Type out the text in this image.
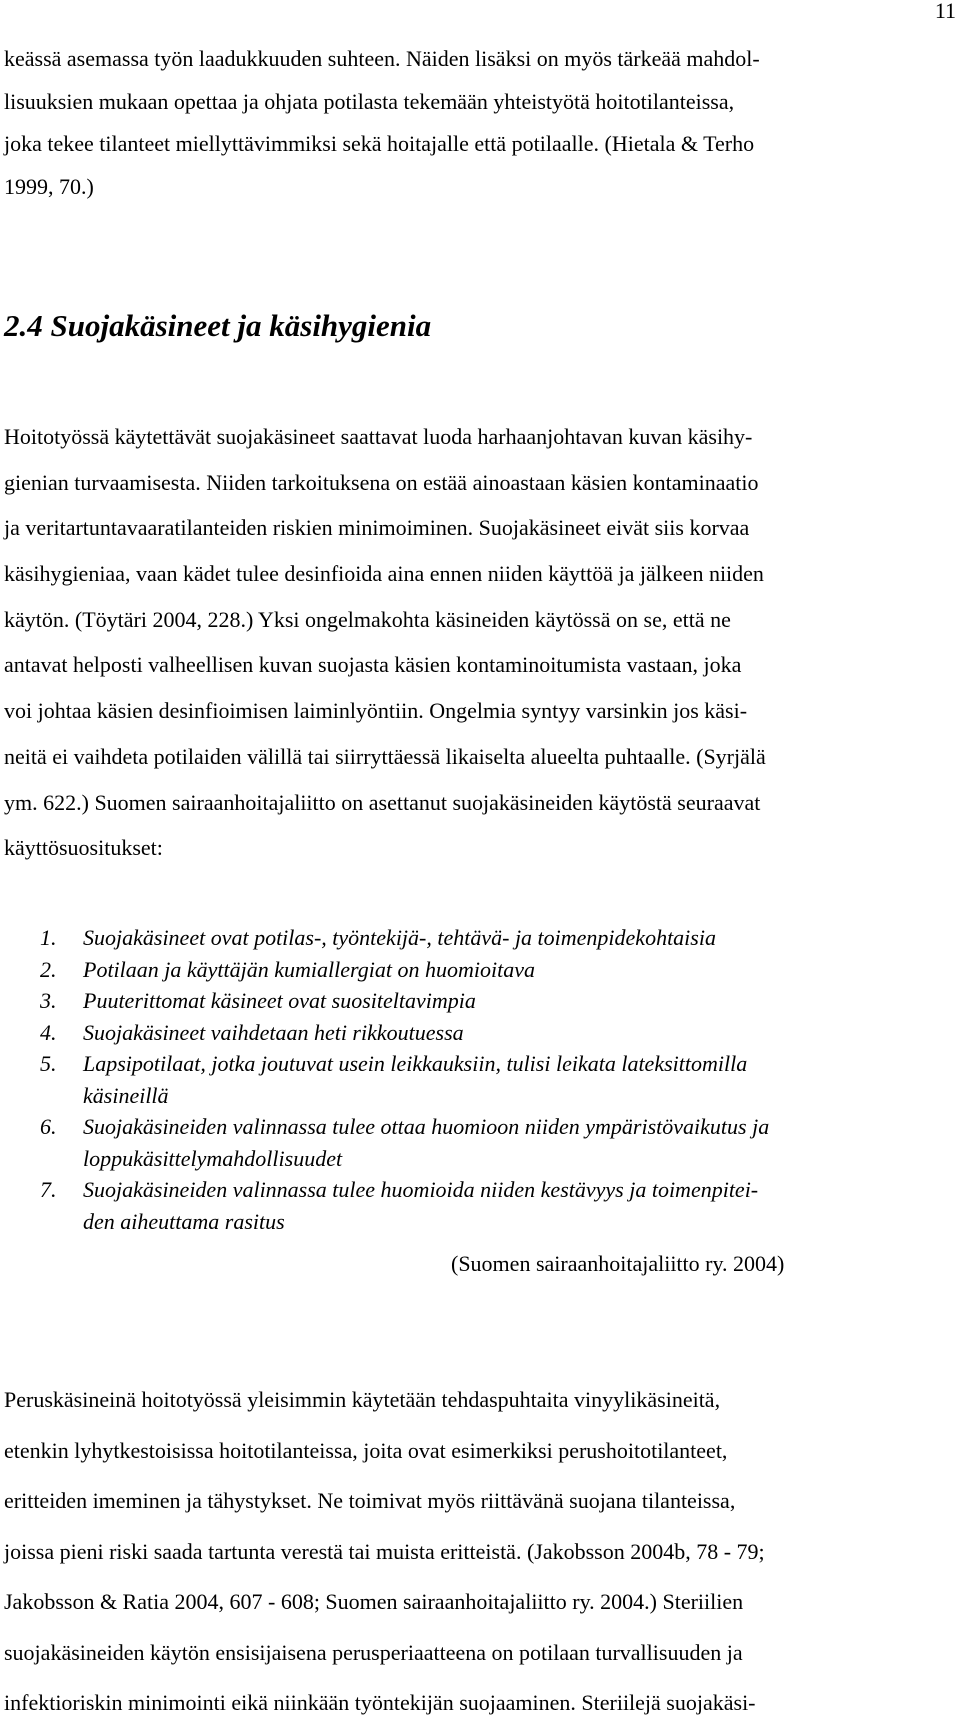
11

keässä asemassa työn laadukkuuden suhteen. Näiden lisäksi on myös tärkeää mahdol-
lisuuksien mukaan opettaa ja ohjata potilasta tekemään yhteistyötä hoitotilanteissa,
joka tekee tilanteet miellyttävimmiksi sekä hoitajalle että potilaalle. (Hietala & Terho
1999, 70.)

2.4 Suojakäsineet ja käsihygienia

Hoitotyössä käytettävät suojakäsineet saattavat luoda harhaanjohtavan kuvan käsihy-
gienian turvaamisesta. Niiden tarkoituksena on estää ainoastaan käsien kontaminaatio
ja veritartuntavaaratilanteiden riskien minimoiminen. Suojakäsineet eivät siis korvaa
käsihygieniaa, vaan kädet tulee desinfioida aina ennen niiden käyttöä ja jälkeen niiden
käytön. (Töytäri 2004, 228.) Yksi ongelmakohta käsineiden käytössä on se, että ne
antavat helposti valheellisen kuvan suojasta käsien kontaminoitumista vastaan, joka
voi johtaa käsien desinfioimisen laiminlyöntiin. Ongelmia syntyy varsinkin jos käsi-
neitä ei vaihdeta potilaiden välillä tai siirryttäessä likaiselta alueelta puhtaalle. (Syrjälä
ym. 622.) Suomen sairaanhoitajaliitto on asettanut suojakäsineiden käytöstä seuraavat
käyttösuositukset:

1.	Suojakäsineet ovat potilas-, työntekijä-, tehtävä- ja toimenpidekohtaisia
2.	Potilaan ja käyttäjän kumiallergiat on huomioitava
3.	Puuterittomat käsineet ovat suositeltavimpia
4.	Suojakäsineet vaihdetaan heti rikkoutuessa
5.	Lapsipotilaat, jotka joutuvat usein leikkauksiin, tulisi leikata lateksittomilla
käsineillä
6.	Suojakäsineiden valinnassa tulee ottaa huomioon niiden ympäristövaikutus ja
loppukäsittelymahdollisuudet
7.	Suojakäsineiden valinnassa tulee huomioida niiden kestävyys ja toimenpitei-
den aiheuttama rasitus
(Suomen sairaanhoitajaliitto ry. 2004)

Peruskäsineinä hoitotyössä yleisimmin käytetään tehdaspuhtaita vinyylikäsineitä,
etenkin lyhytkestoisissa hoitotilanteissa, joita ovat esimerkiksi perushoitotilanteet,
eritteiden imeminen ja tähystykset. Ne toimivat myös riittävänä suojana tilanteissa,
joissa pieni riski saada tartunta verestä tai muista eritteistä. (Jakobsson 2004b, 78 - 79;
Jakobsson & Ratia 2004, 607 - 608; Suomen sairaanhoitajaliitto ry. 2004.) Steriilien
suojakäsineiden käytön ensisijaisena perusperiaatteena on potilaan turvallisuuden ja
infektioriskin minimointi eikä niinkään työntekijän suojaaminen. Steriilejä suojakäsi-
